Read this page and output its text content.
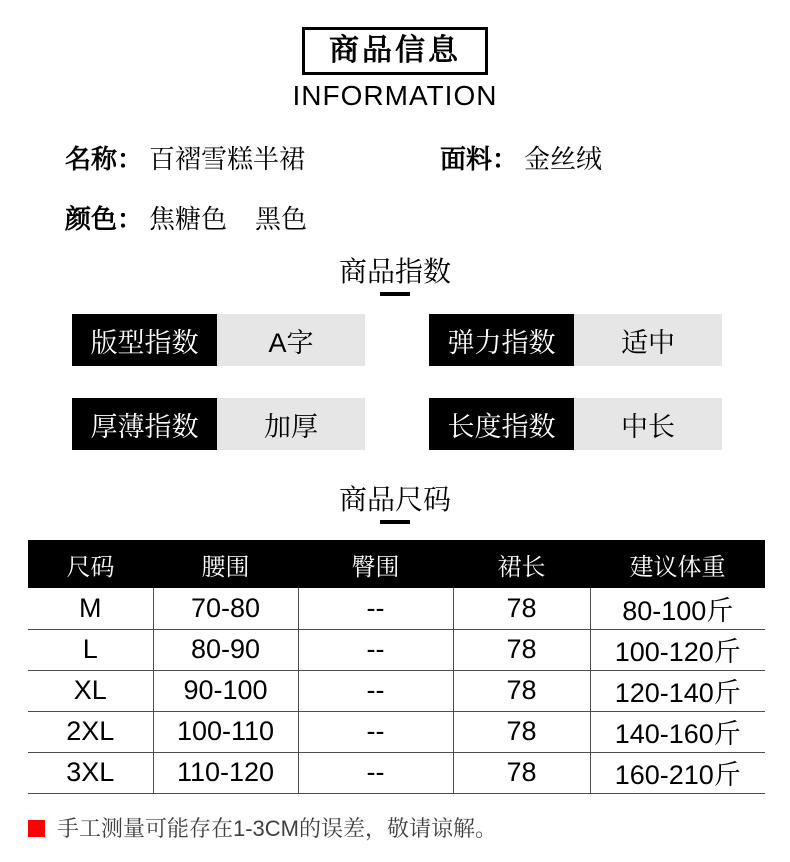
商品信息
INFORMATION
名称： 百褶雪糕半裙	面料： 金丝绒
颜色： 焦糖色 黑色
商品指数
版型指数	A字	弹力指数	适中
厚薄指数	加厚	长度指数	中长
商品尺码
尺码	腰围	臀围	裙长	建议体重
M	70-80	--	78	80-100斤
L	80-90	--	78	100-120斤
XL	90-100	--	78	120-140斤
2XL	100-110	--	78	140-160斤
3XL	110-120	--	78	160-210斤
手工测量可能存在1-3CM的误差，敬请谅解。
